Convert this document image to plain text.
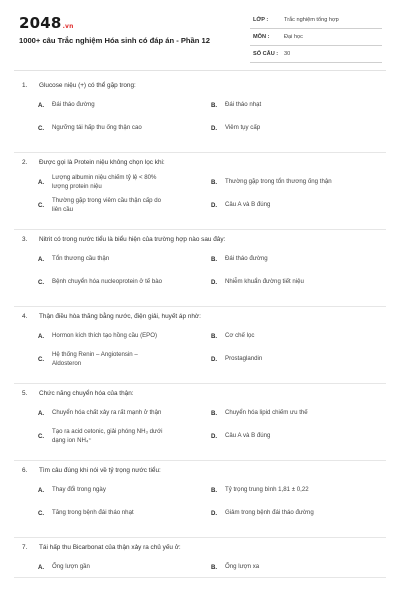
2048.vn
1000+ câu Trắc nghiệm Hóa sinh có đáp án - Phần 12
LỚP :	Trắc nghiệm tổng hợp
MÔN :	Đại học
SỐ CÂU : 30
1. Glucose niệu (+) có thể gặp trong:
A.	Đái tháo đường	B.	Đái tháo nhạt
C.	Ngưỡng tái hấp thu ống thận cao	D.	Viêm tụy cấp
2. Được gọi là Protein niệu không chọn lọc khi:
A.
Lượng albumin niệu chiếm tỷ lệ < 80%
lượng protein niệu
B.	Thường gặp trong tổn thương ống thận
C.
Thường gặp trong viêm cầu thận cấp do
liên cầu
D.	Câu A và B đúng
3. Nitrit có trong nước tiểu là biểu hiện của trường hợp nào sau đây:
A.	Tổn thương cầu thận	B.	Đái tháo đường
C.	Bệnh chuyển hóa nucleoprotein ở tế bào	D.	Nhiễm khuẩn đường tiết niệu
4. Thận điều hòa thăng bằng nước, điện giải, huyết áp nhờ:
A.	Hormon kích thích tạo hồng cầu (EPO)	B.	Cơ chế lọc
C.
Hệ thống Renin – Angiotensin –
Aldosteron
D.	Prostaglandin
5. Chức năng chuyển hóa của thận:
A.	Chuyển hóa chất xảy ra rất mạnh ở thận	B.	Chuyển hóa lipid chiếm ưu thế
C.
Tạo ra acid cetonic, giải phóng NH₃ dưới
dạng ion NH₄⁺
D.	Câu A và B đúng
6. Tìm câu đúng khi nói về tỷ trọng nước tiểu:
A.	Thay đổi trong ngày	B.	Tỷ trọng trung bình 1,81 ± 0,22
C.	Tăng trong bệnh đái tháo nhạt	D.	Giảm trong bệnh đái tháo đường
7. Tái hấp thu Bicarbonat của thận xảy ra chủ yếu ở:
A.	Ống lượn gần	B.	Ống lượn xa
